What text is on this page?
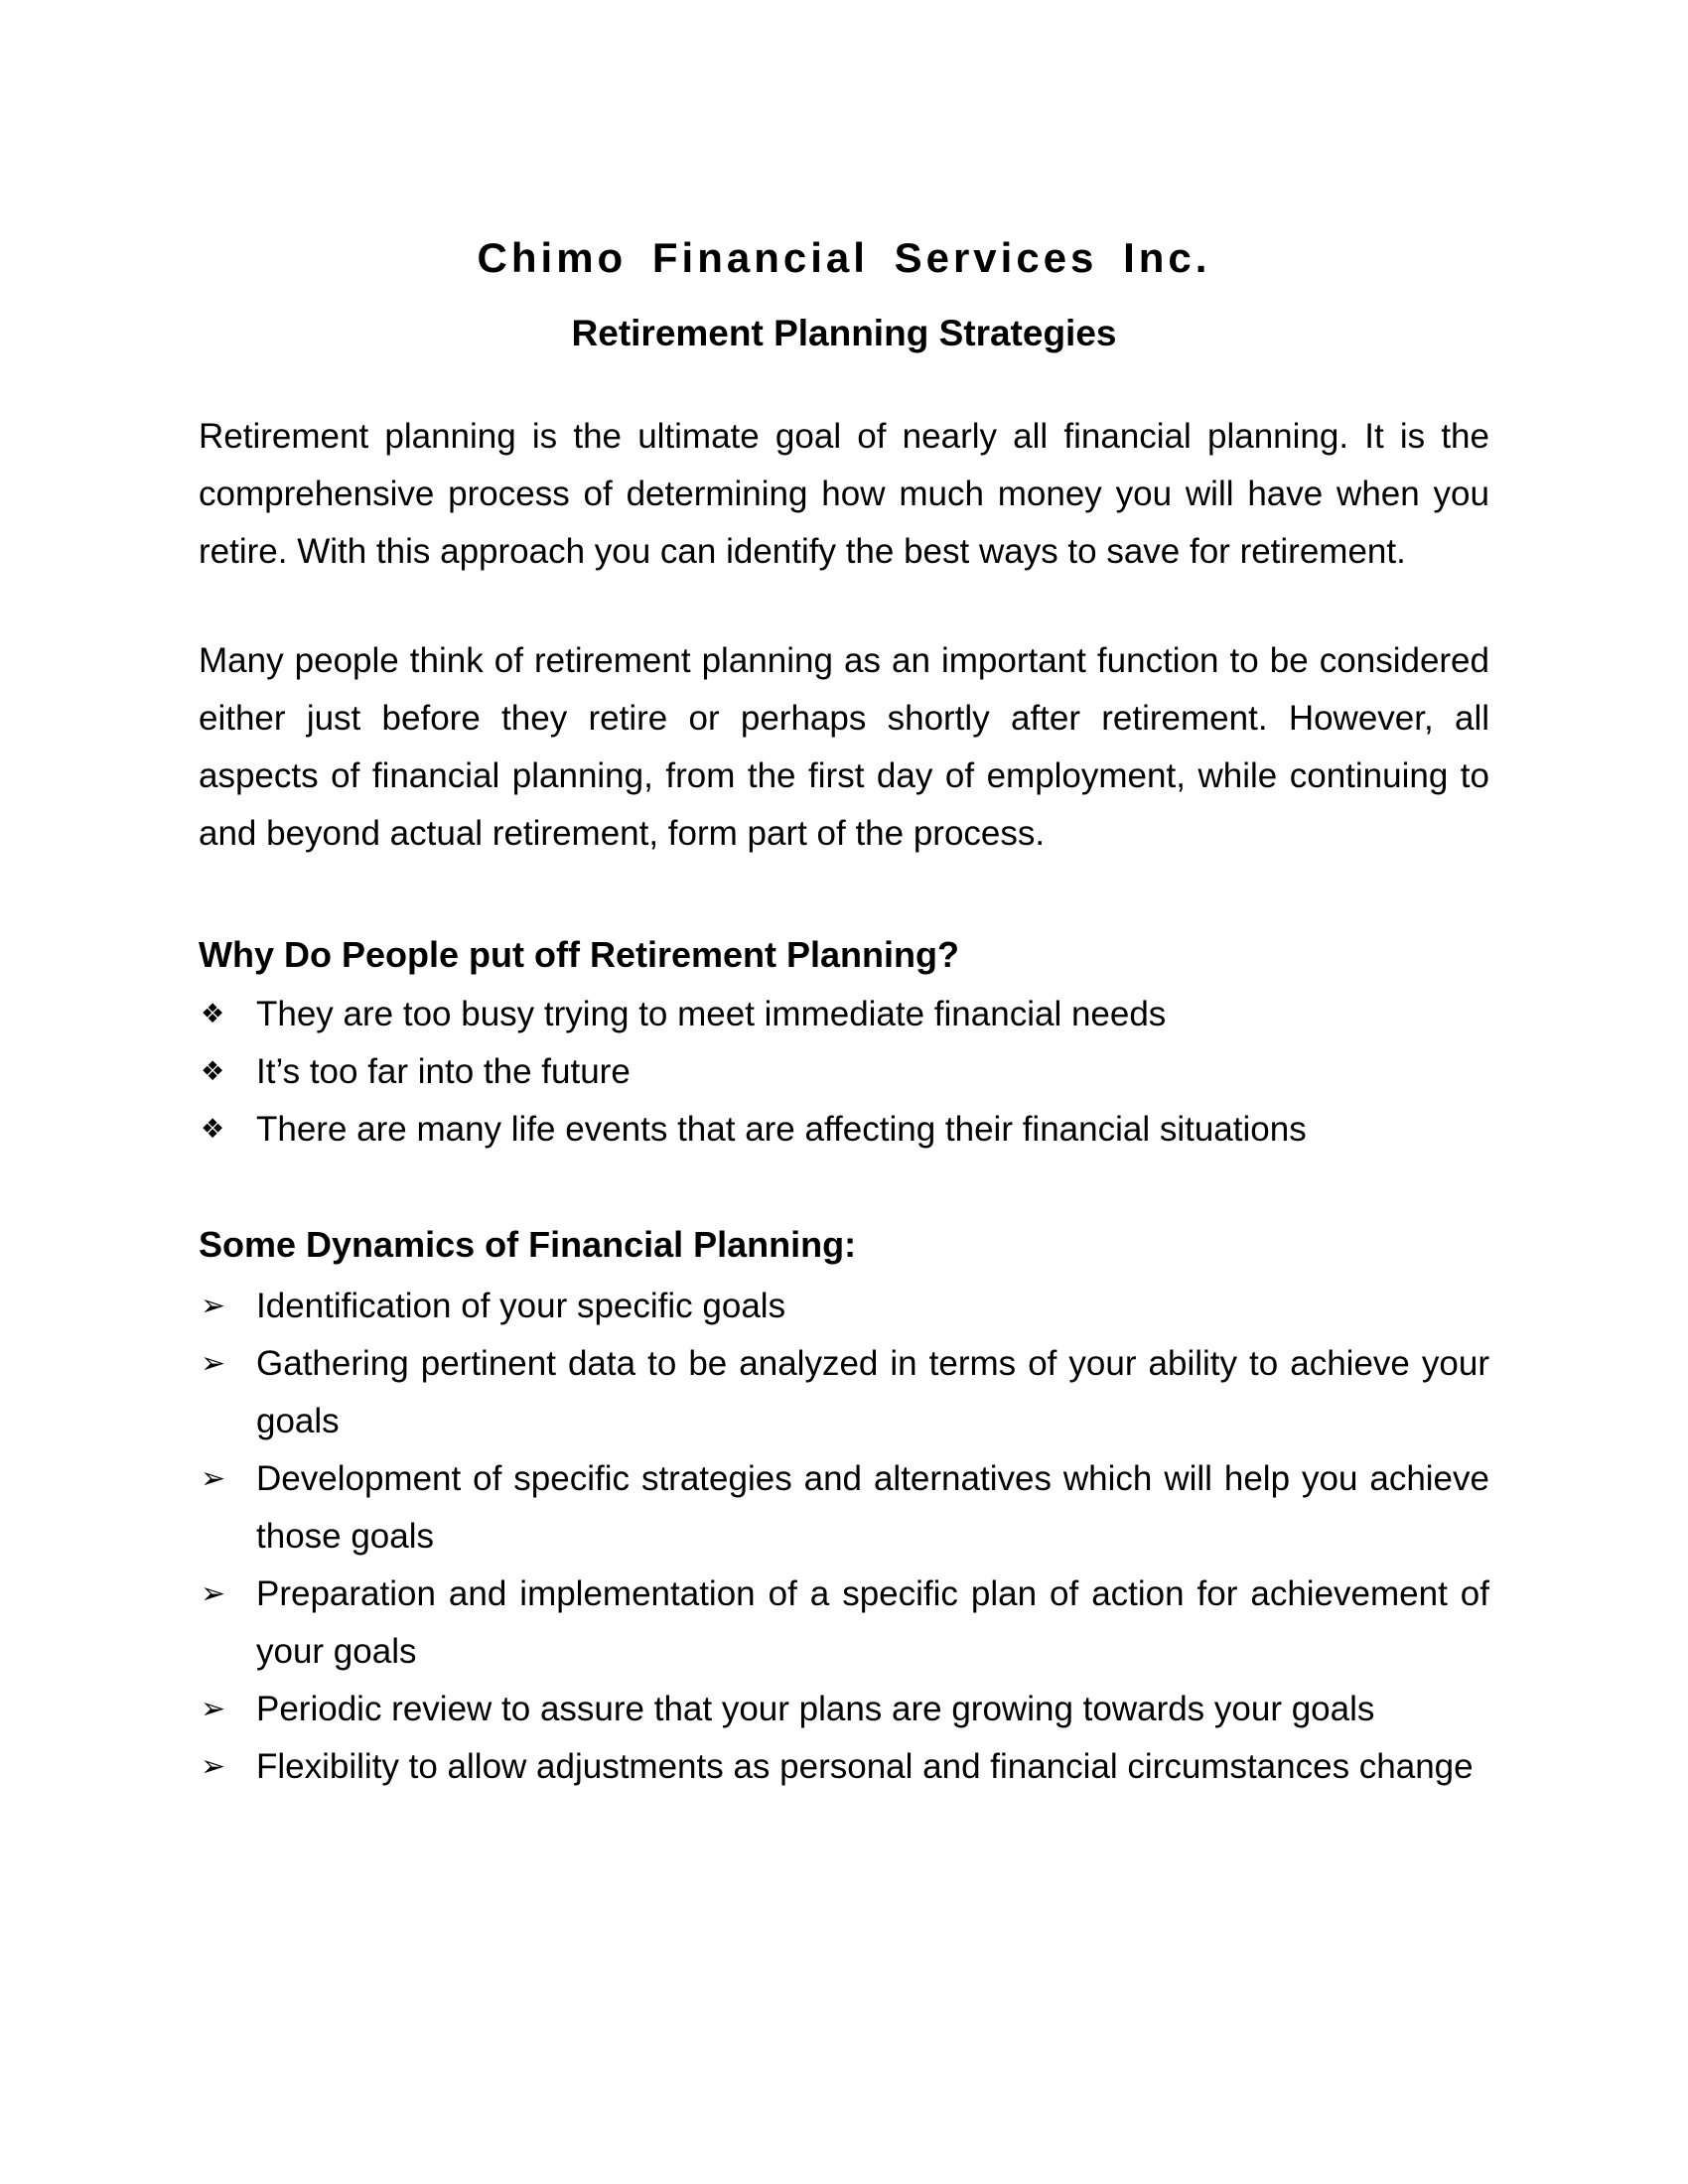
Chimo Financial Services Inc.
Retirement Planning Strategies

Retirement planning is the ultimate goal of nearly all financial planning. It is the comprehensive process of determining how much money you will have when you retire. With this approach you can identify the best ways to save for retirement.

Many people think of retirement planning as an important function to be considered either just before they retire or perhaps shortly after retirement. However, all aspects of financial planning, from the first day of employment, while continuing to and beyond actual retirement, form part of the process.

Why Do People put off Retirement Planning?
❖ They are too busy trying to meet immediate financial needs
❖ It’s too far into the future
❖ There are many life events that are affecting their financial situations
Some Dynamics of Financial Planning:
➢ Identification of your specific goals
➢ Gathering pertinent data to be analyzed in terms of your ability to achieve your goals
➢ Development of specific strategies and alternatives which will help you achieve those goals
➢ Preparation and implementation of a specific plan of action for achievement of your goals
➢ Periodic review to assure that your plans are growing towards your goals
➢ Flexibility to allow adjustments as personal and financial circumstances change
